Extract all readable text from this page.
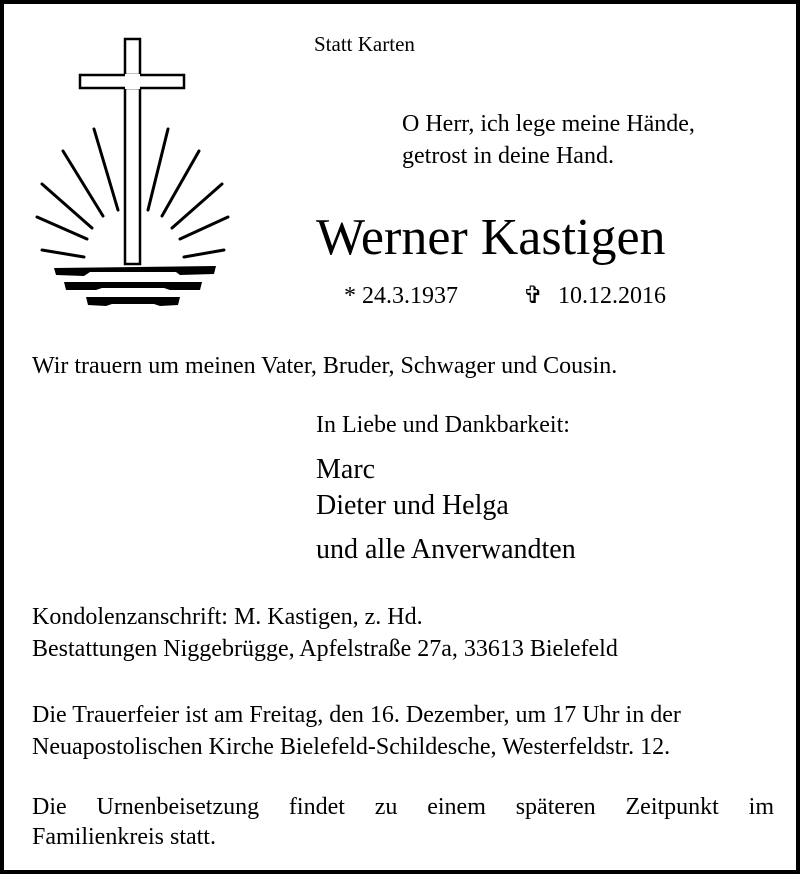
Statt Karten
O Herr, ich lege meine Hände,
getrost in deine Hand.
Werner Kastigen
* 24.3.1937	✞ 10.12.2016
Wir trauern um meinen Vater, Bruder, Schwager und Cousin.
In Liebe und Dankbarkeit:
Marc
Dieter und Helga
und alle Anverwandten
Kondolenzanschrift: M. Kastigen, z. Hd.
Bestattungen Niggebrügge, Apfelstraße 27a, 33613 Bielefeld
Die Trauerfeier ist am Freitag, den 16. Dezember, um 17 Uhr in der
Neuapostolischen Kirche Bielefeld-Schildesche, Westerfeldstr. 12.
Die Urnenbeisetzung findet zu einem späteren Zeitpunkt im
Familienkreis statt.
